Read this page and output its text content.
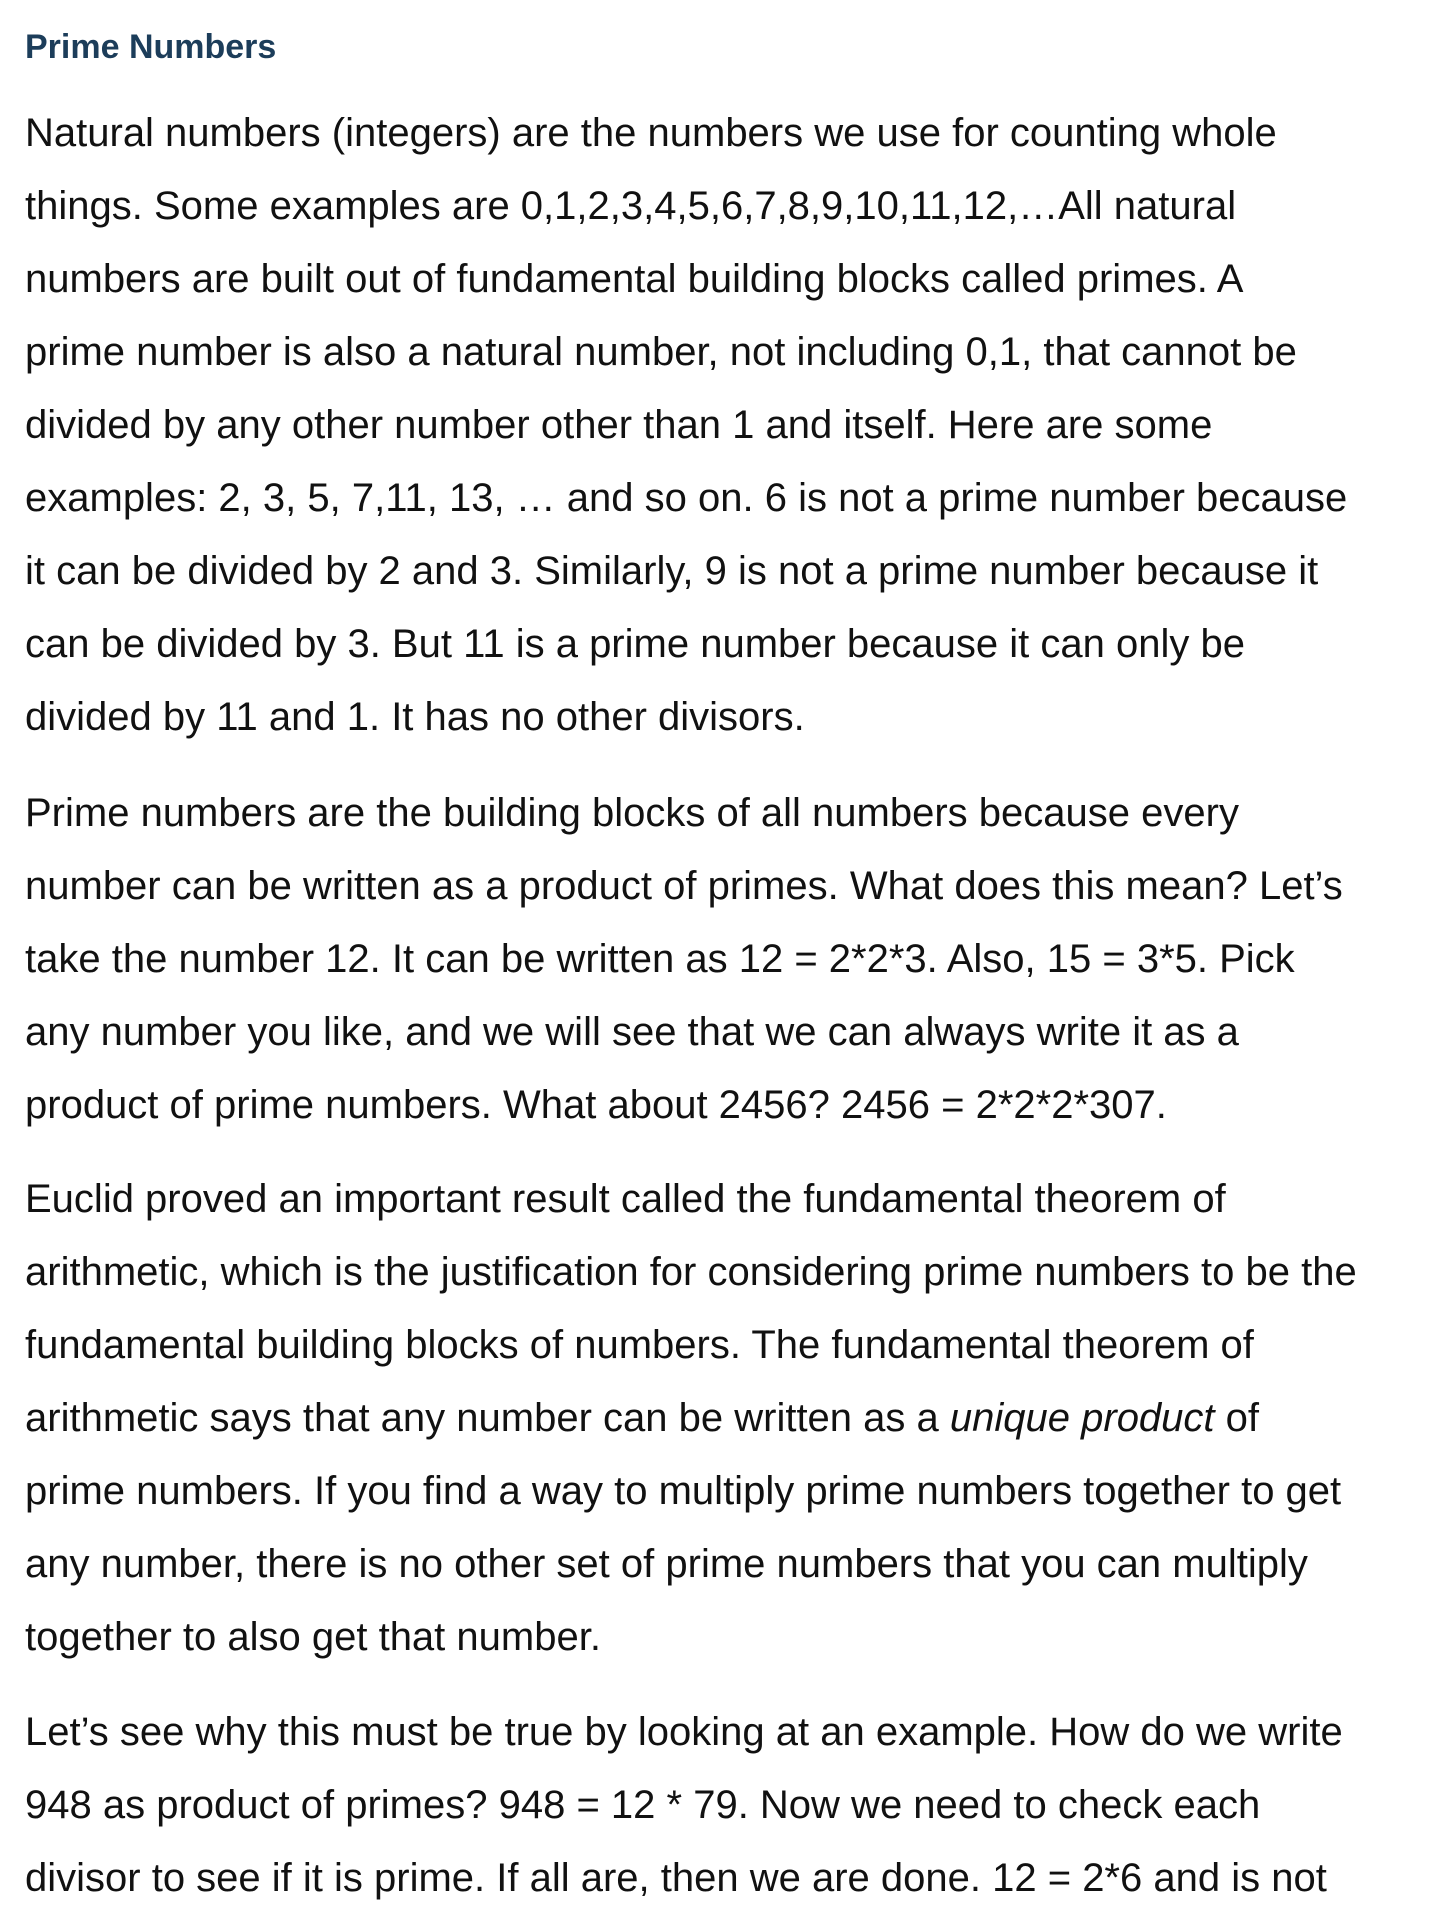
Prime Numbers

Natural numbers (integers) are the numbers we use for counting whole
things. Some examples are 0,1,2,3,4,5,6,7,8,9,10,11,12,…All natural
numbers are built out of fundamental building blocks called primes. A
prime number is also a natural number, not including 0,1, that cannot be
divided by any other number other than 1 and itself. Here are some
examples: 2, 3, 5, 7,11, 13, … and so on. 6 is not a prime number because
it can be divided by 2 and 3. Similarly, 9 is not a prime number because it
can be divided by 3. But 11 is a prime number because it can only be
divided by 11 and 1. It has no other divisors.

Prime numbers are the building blocks of all numbers because every
number can be written as a product of primes. What does this mean? Let’s
take the number 12. It can be written as 12 = 2*2*3. Also, 15 = 3*5. Pick
any number you like, and we will see that we can always write it as a
product of prime numbers. What about 2456? 2456 = 2*2*2*307.

Euclid proved an important result called the fundamental theorem of
arithmetic, which is the justification for considering prime numbers to be the
fundamental building blocks of numbers. The fundamental theorem of
arithmetic says that any number can be written as a unique product of
prime numbers. If you find a way to multiply prime numbers together to get
any number, there is no other set of prime numbers that you can multiply
together to also get that number.

Let’s see why this must be true by looking at an example. How do we write
948 as product of primes? 948 = 12 * 79. Now we need to check each
divisor to see if it is prime. If all are, then we are done. 12 = 2*6 and is not
